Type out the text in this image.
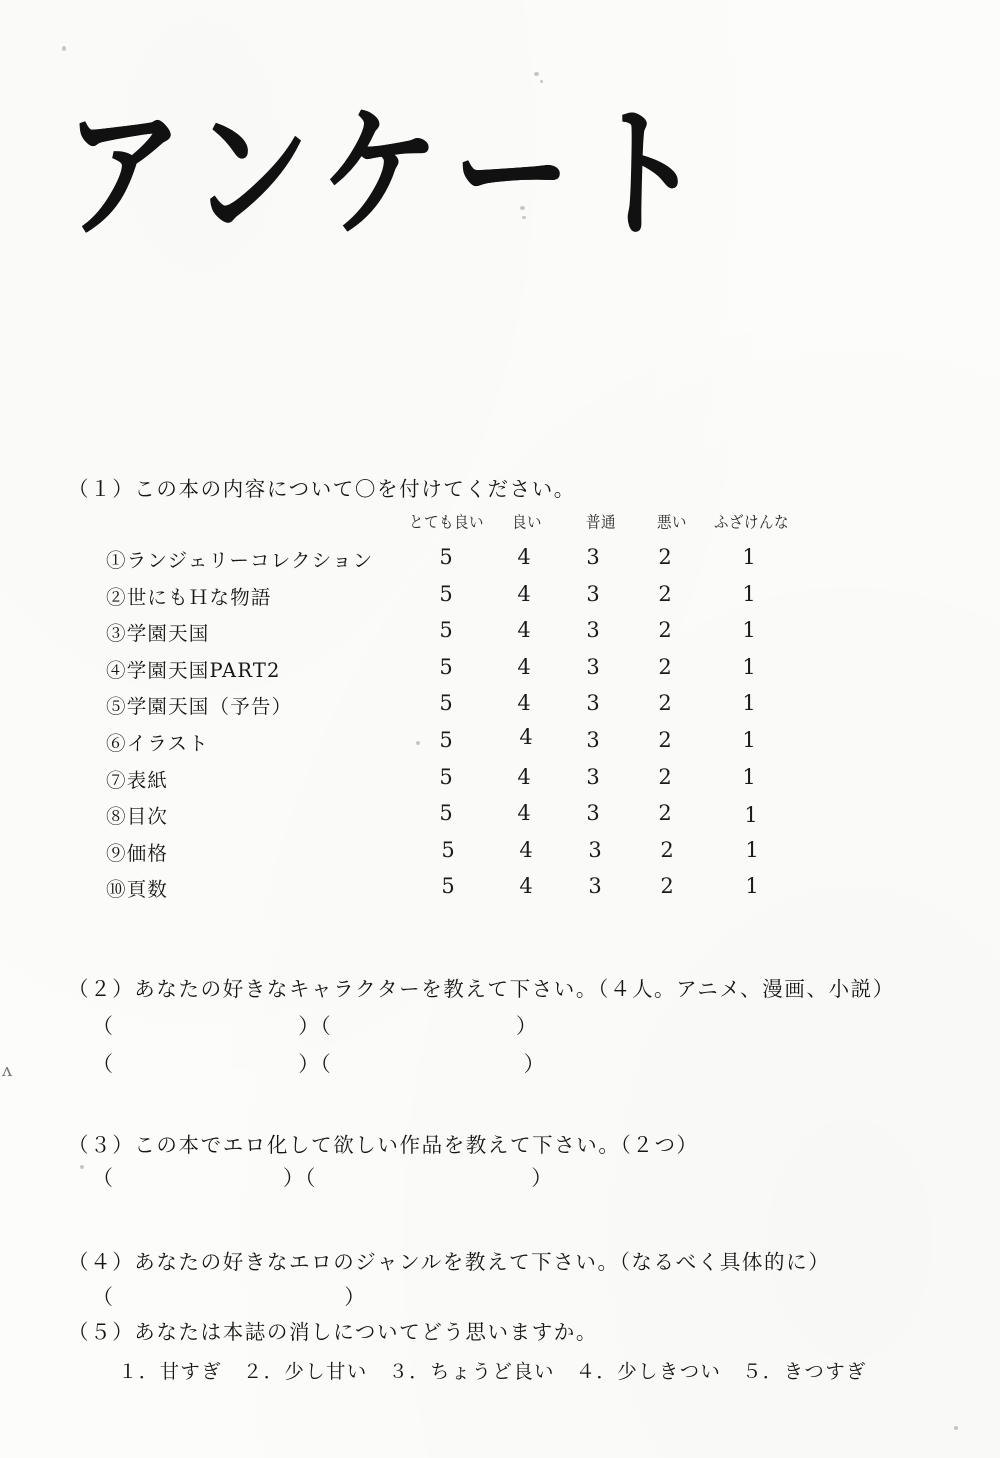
ʌ
アンケート
（１）この本の内容について〇を付けてください。
とても良い 良い	普通	悪い ふざけんな
①ランジェリーコレクション	5	4	3	2	1
②世にもＨな物語	5	4	3	2	1
③学園天国	5	4	3	2	1
④学園天国PART2	5	4	3	2	1
⑤学園天国（予告）	5	4	3	2	1
⑥イラスト	5	4	3	2	1
⑦表紙	5	4	3	2	1
⑧目次	5	4	3	2	1
⑨価格	5	4	3	2	1
⑩頁数	5	4	3	2	1
（２）あなたの好きなキャラクターを教えて下さい。（４人。アニメ、漫画、小説）
（                        ）（                        ）
（                        ）（                         ）
（３）この本でエロ化して欲しい作品を教えて下さい。（２つ）
（                      ）（                            ）
（４）あなたの好きなエロのジャンルを教えて下さい。（なるべく具体的に）
（                              ）
（５）あなたは本誌の消しについてどう思いますか。
１．甘すぎ　２．少し甘い　３．ちょうど良い　４．少しきつい　５．きつすぎ
